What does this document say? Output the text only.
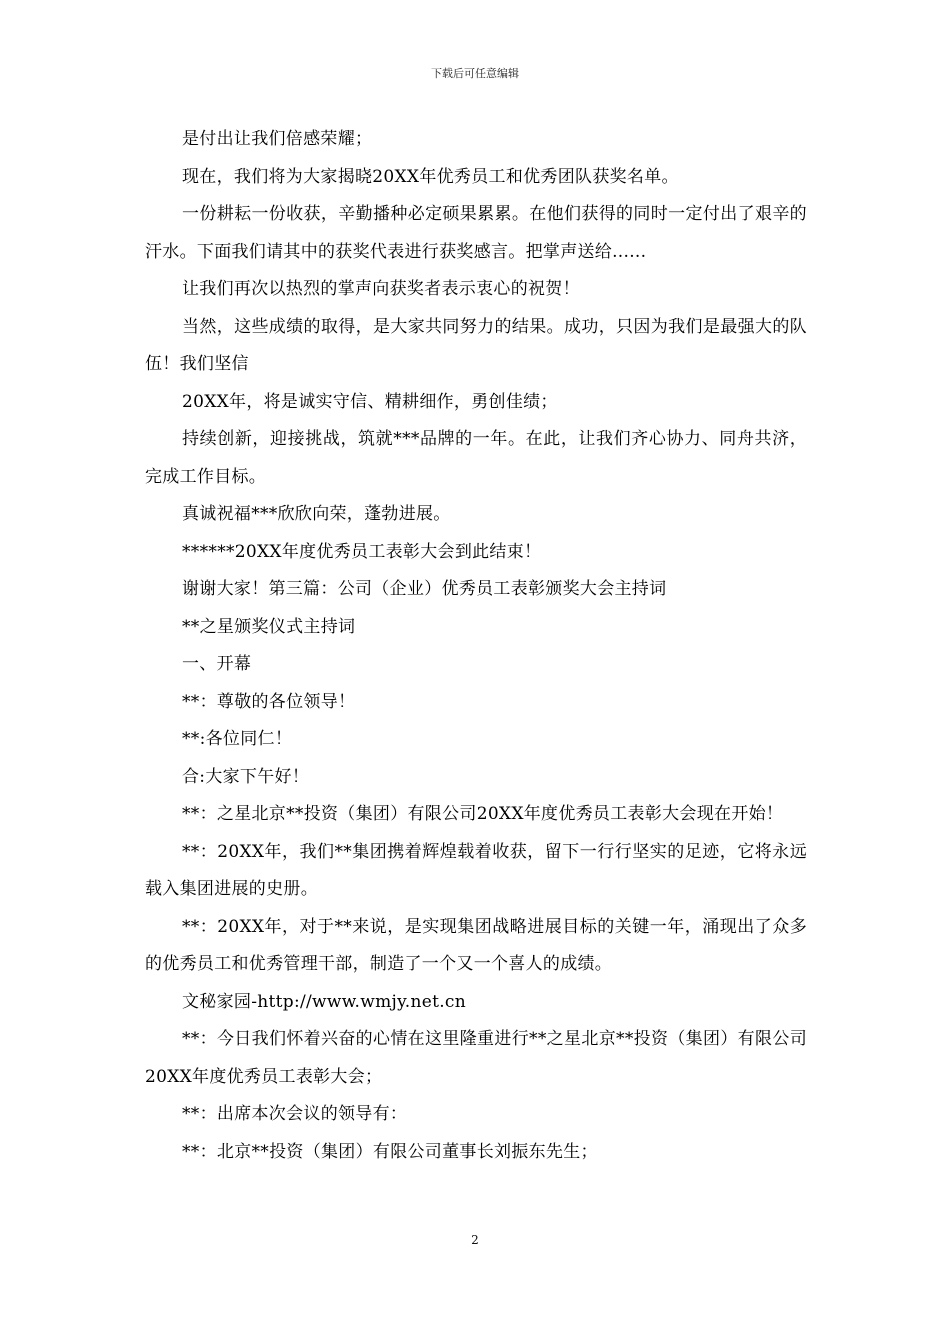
下载后可任意编辑

是付出让我们倍感荣耀；

现在，我们将为大家揭晓20XX年优秀员工和优秀团队获奖名单。

一份耕耘一份收获，辛勤播种必定硕果累累。在他们获得的同时一定付出了艰辛的汗水。下面我们请其中的获奖代表进行获奖感言。把掌声送给......

让我们再次以热烈的掌声向获奖者表示衷心的祝贺！

当然，这些成绩的取得，是大家共同努力的结果。成功，只因为我们是最强大的队伍！我们坚信

20XX年，将是诚实守信、精耕细作，勇创佳绩；

持续创新，迎接挑战，筑就***品牌的一年。在此，让我们齐心协力、同舟共济，完成工作目标。

真诚祝福***欣欣向荣，蓬勃进展。

******20XX年度优秀员工表彰大会到此结束！

谢谢大家！第三篇：公司（企业）优秀员工表彰颁奖大会主持词

**之星颁奖仪式主持词

一、开幕

**：尊敬的各位领导！

**:各位同仁！

合:大家下午好！

**：之星北京**投资（集团）有限公司20XX年度优秀员工表彰大会现在开始！

**：20XX年，我们**集团携着辉煌载着收获，留下一行行坚实的足迹，它将永远载入集团进展的史册。

**：20XX年，对于**来说，是实现集团战略进展目标的关键一年，涌现出了众多的优秀员工和优秀管理干部，制造了一个又一个喜人的成绩。

文秘家园-http://www.wmjy.net.cn

**：今日我们怀着兴奋的心情在这里隆重进行**之星北京**投资（集团）有限公司20XX年度优秀员工表彰大会；

**：出席本次会议的领导有：

**：北京**投资（集团）有限公司董事长刘振东先生；

2
